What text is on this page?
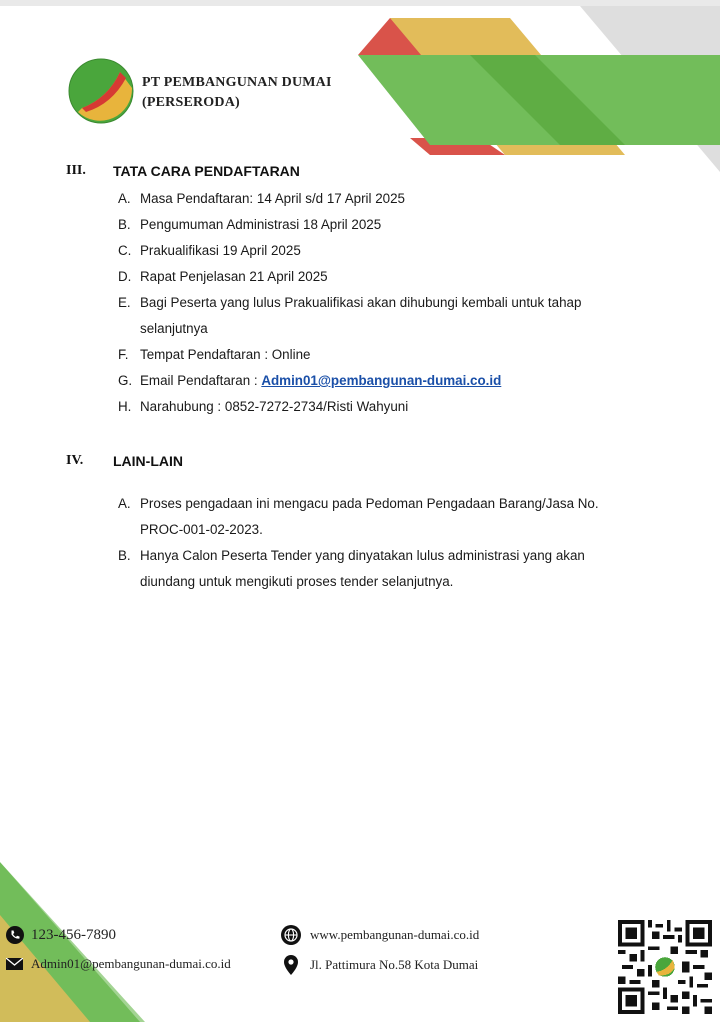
PT PEMBANGUNAN DUMAI
(PERSERODA)
III. TATA CARA PENDAFTARAN
A. Masa Pendaftaran: 14 April s/d 17 April 2025
B. Pengumuman Administrasi 18 April 2025
C. Prakualifikasi 19 April 2025
D. Rapat Penjelasan 21 April 2025
E. Bagi Peserta yang lulus Prakualifikasi akan dihubungi kembali untuk tahap selanjutnya
F. Tempat Pendaftaran : Online
G. Email Pendaftaran : Admin01@pembangunan-dumai.co.id
H. Narahubung : 0852-7272-2734/Risti Wahyuni
IV. LAIN-LAIN
A. Proses pengadaan ini mengacu pada Pedoman Pengadaan Barang/Jasa No. PROC-001-02-2023.
B. Hanya Calon Peserta Tender yang dinyatakan lulus administrasi yang akan diundang untuk mengikuti proses tender selanjutnya.
123-456-7890
Admin01@pembangunan-dumai.co.id
www.pembangunan-dumai.co.id
Jl. Pattimura No.58 Kota Dumai
